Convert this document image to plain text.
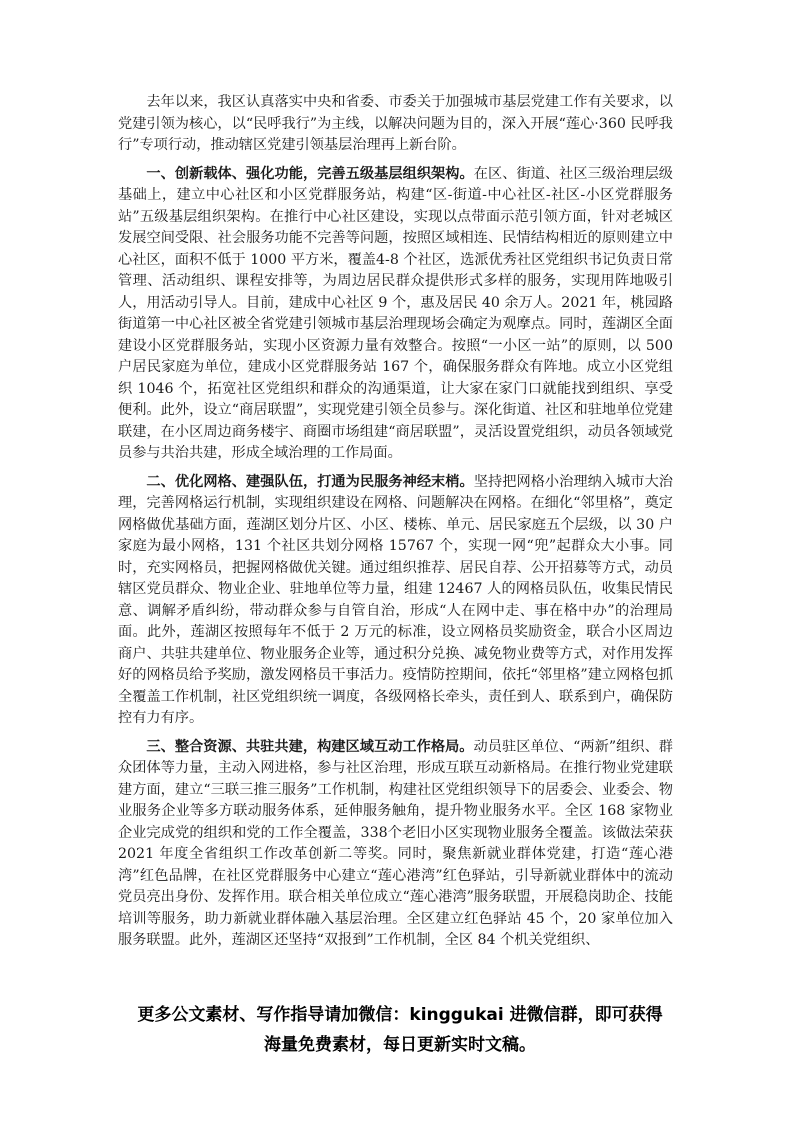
去年以来，我区认真落实中央和省委、市委关于加强城市基层党建工作有关要求，以党建引领为核心，以“民呼我行”为主线，以解决问题为目的，深入开展“莲心·360 民呼我行”专项行动，推动辖区党建引领基层治理再上新台阶。

一、创新载体、强化功能，完善五级基层组织架构。在区、街道、社区三级治理层级基础上，建立中心社区和小区党群服务站，构建“区-街道-中心社区-社区-小区党群服务站”五级基层组织架构。在推行中心社区建设，实现以点带面示范引领方面，针对老城区发展空间受限、社会服务功能不完善等问题，按照区域相连、民情结构相近的原则建立中心社区，面积不低于 1000 平方米，覆盖4-8 个社区，选派优秀社区党组织书记负责日常管理、活动组织、课程安排等，为周边居民群众提供形式多样的服务，实现用阵地吸引人，用活动引导人。目前，建成中心社区 9 个，惠及居民 40 余万人。2021 年，桃园路街道第一中心社区被全省党建引领城市基层治理现场会确定为观摩点。同时，莲湖区全面建设小区党群服务站，实现小区资源力量有效整合。按照“一小区一站”的原则，以 500户居民家庭为单位，建成小区党群服务站 167 个，确保服务群众有阵地。成立小区党组织 1046 个，拓宽社区党组织和群众的沟通渠道，让大家在家门口就能找到组织、享受便利。此外，设立“商居联盟”，实现党建引领全员参与。深化街道、社区和驻地单位党建联建，在小区周边商务楼宇、商圈市场组建“商居联盟”，灵活设置党组织，动员各领域党员参与共治共建，形成全域治理的工作局面。

二、优化网格、建强队伍，打通为民服务神经末梢。坚持把网格小治理纳入城市大治理，完善网格运行机制，实现组织建设在网格、问题解决在网格。在细化“邻里格”，奠定网格做优基础方面，莲湖区划分片区、小区、楼栋、单元、居民家庭五个层级，以 30 户家庭为最小网格，131 个社区共划分网格 15767 个，实现一网“兜”起群众大小事。同时，充实网格员，把握网格做优关键。通过组织推荐、居民自荐、公开招募等方式，动员辖区党员群众、物业企业、驻地单位等力量，组建 12467 人的网格员队伍，收集民情民意、调解矛盾纠纷，带动群众参与自管自治，形成“人在网中走、事在格中办”的治理局面。此外，莲湖区按照每年不低于 2 万元的标准，设立网格员奖励资金，联合小区周边商户、共驻共建单位、物业服务企业等，通过积分兑换、减免物业费等方式，对作用发挥好的网格员给予奖励，激发网格员干事活力。疫情防控期间，依托“邻里格”建立网格包抓全覆盖工作机制，社区党组织统一调度，各级网格长牵头，责任到人、联系到户，确保防控有力有序。

三、整合资源、共驻共建，构建区域互动工作格局。动员驻区单位、“两新”组织、群众团体等力量，主动入网进格，参与社区治理，形成互联互动新格局。在推行物业党建联建方面，建立“三联三推三服务”工作机制，构建社区党组织领导下的居委会、业委会、物业服务企业等多方联动服务体系，延伸服务触角，提升物业服务水平。全区 168 家物业企业完成党的组织和党的工作全覆盖，338个老旧小区实现物业服务全覆盖。该做法荣获 2021 年度全省组织工作改革创新二等奖。同时，聚焦新就业群体党建，打造“莲心港湾”红色品牌，在社区党群服务中心建立“莲心港湾”红色驿站，引导新就业群体中的流动党员亮出身份、发挥作用。联合相关单位成立“莲心港湾”服务联盟，开展稳岗助企、技能培训等服务，助力新就业群体融入基层治理。全区建立红色驿站 45 个，20 家单位加入服务联盟。此外，莲湖区还坚持“双报到”工作机制，全区 84 个机关党组织、

更多公文素材、写作指导请加微信：kinggukai 进微信群，即可获得
海量免费素材，每日更新实时文稿。
